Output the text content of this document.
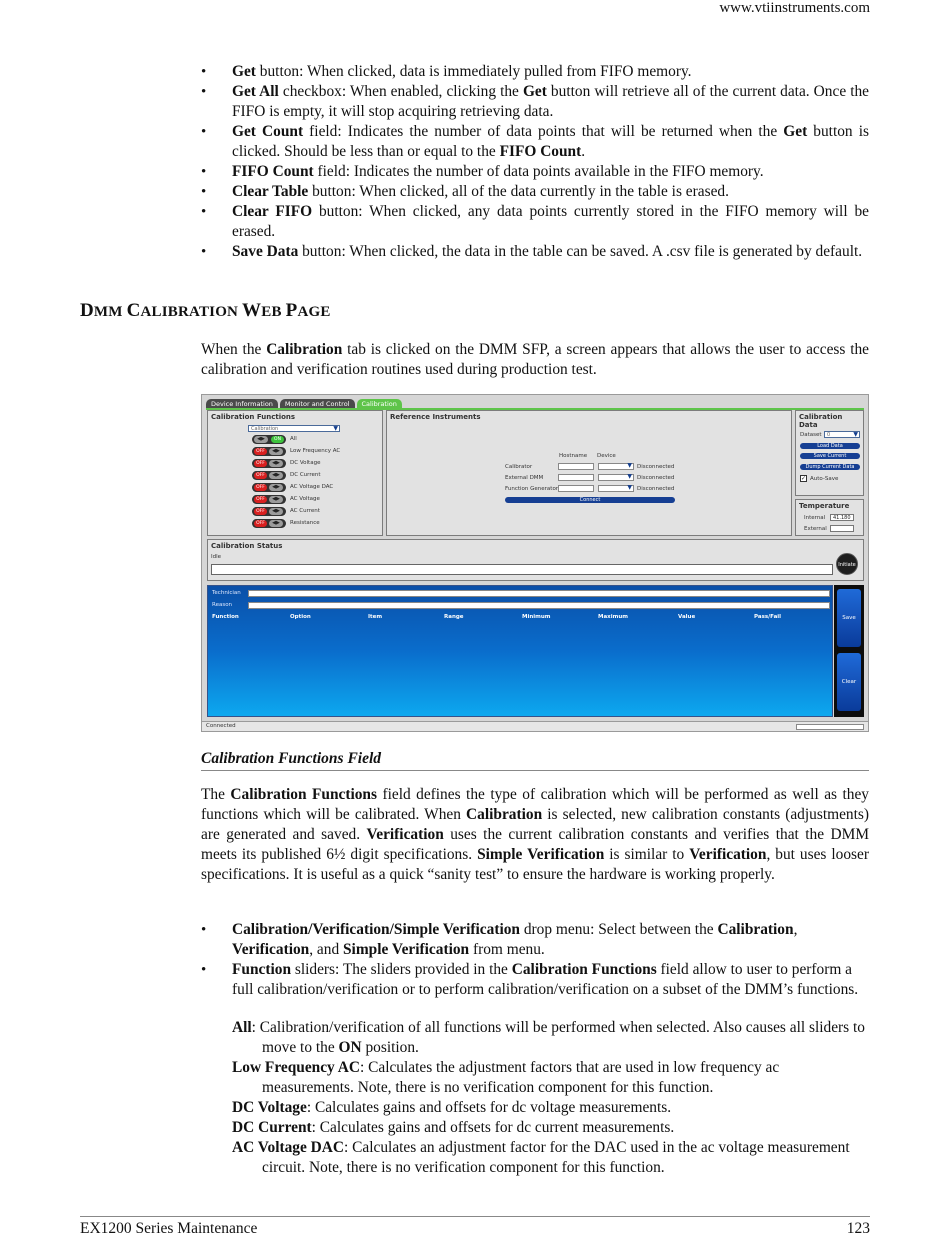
www.vtiinstruments.com
• Get button: When clicked, data is immediately pulled from FIFO memory.
• Get All checkbox: When enabled, clicking the Get button will retrieve all of the current data. Once the FIFO is empty, it will stop acquiring retrieving data.
• Get Count field: Indicates the number of data points that will be returned when the Get button is clicked. Should be less than or equal to the FIFO Count.
• FIFO Count field: Indicates the number of data points available in the FIFO memory.
• Clear Table button: When clicked, all of the data currently in the table is erased.
• Clear FIFO button: When clicked, any data points currently stored in the FIFO memory will be erased.
• Save Data button: When clicked, the data in the table can be saved. A .csv file is generated by default.
DMM CALIBRATION WEB PAGE
When the Calibration tab is clicked on the DMM SFP, a screen appears that allows the user to access the calibration and verification routines used during production test.
Device Information	Monitor and Control	Calibration
Calibration Functions
Calibration	▼
ON
◀▶	All
OFF	◀▶	Low Frequency AC
OFF	◀▶	DC Voltage
OFF	◀▶	DC Current
OFF	◀▶	AC Voltage DAC
OFF	◀▶	AC Voltage
OFF	◀▶	AC Current
OFF	◀▶	Resistance
Reference Instruments
Hostname Device
Calibrator	▼ Disconnected
External DMM	▼ Disconnected
Function Generator	▼ Disconnected
Connect
Calibration Data
Dataset	0	▼
Load Data
Save Current
Dump Current Data
✓ Auto-Save
Temperature
Internal	41.180
External
Calibration Status
Idle
Initiate
Technician
Reason
Function	Option	Item	Range	Minimum	Maximum	Value	Pass/Fail	Save
Clear
Connected
Calibration Functions Field
The Calibration Functions field defines the type of calibration which will be performed as well as they functions which will be calibrated. When Calibration is selected, new calibration constants (adjustments) are generated and saved. Verification uses the current calibration constants and verifies that the DMM meets its published 6½ digit specifications. Simple Verification is similar to Verification, but uses looser specifications. It is useful as a quick “sanity test” to ensure the hardware is working properly.
• Calibration/Verification/Simple Verification drop menu: Select between the Calibration, Verification, and Simple Verification from menu.
• Function sliders: The sliders provided in the Calibration Functions field allow to user to perform a full calibration/verification or to perform calibration/verification on a subset of the DMM’s functions.
All: Calibration/verification of all functions will be performed when selected. Also causes all sliders to move to the ON position.
Low Frequency AC: Calculates the adjustment factors that are used in low frequency ac measurements. Note, there is no verification component for this function.
DC Voltage: Calculates gains and offsets for dc voltage measurements.
DC Current: Calculates gains and offsets for dc current measurements.
AC Voltage DAC: Calculates an adjustment factor for the DAC used in the ac voltage measurement circuit. Note, there is no verification component for this function.
EX1200 Series Maintenance	123
